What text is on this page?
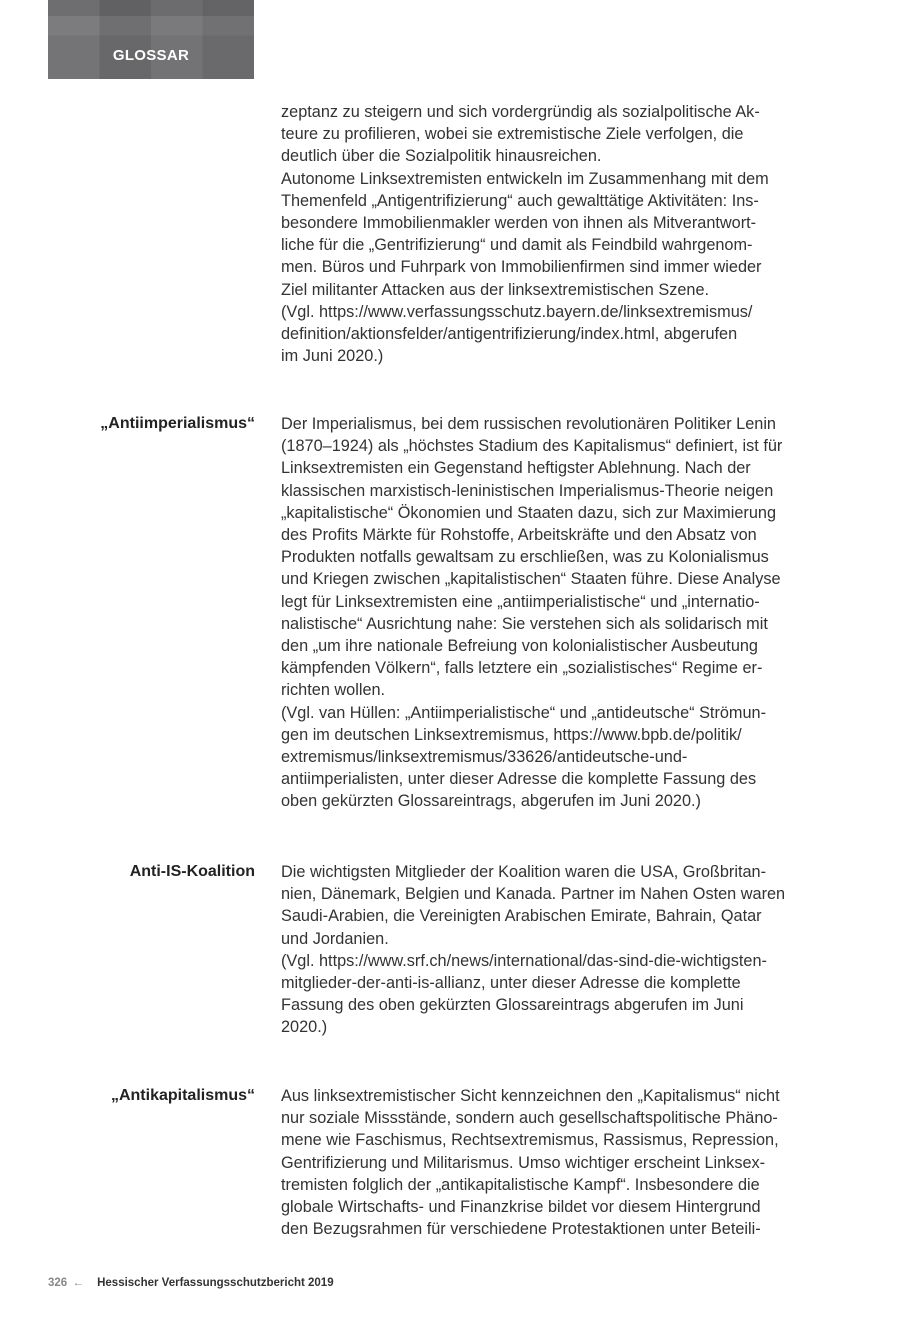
GLOSSAR

zeptanz zu steigern und sich vordergründig als sozialpolitische Ak-
teure zu profilieren, wobei sie extremistische Ziele verfolgen, die
deutlich über die Sozialpolitik hinausreichen.
Autonome Linksextremisten entwickeln im Zusammenhang mit dem
Themenfeld „Antigentrifizierung“ auch gewalttätige Aktivitäten: Ins-
besondere Immobilienmakler werden von ihnen als Mitverantwort-
liche für die „Gentrifizierung“ und damit als Feindbild wahrgenom-
men. Büros und Fuhrpark von Immobilienfirmen sind immer wieder
Ziel militanter Attacken aus der linksextremistischen Szene.
(Vgl. https://www.verfassungsschutz.bayern.de/linksextremismus/
definition/aktionsfelder/antigentrifizierung/index.html, abgerufen
im Juni 2020.)

„Antiimperialismus“ Der Imperialismus, bei dem russischen revolutionären Politiker Lenin
(1870–1924) als „höchstes Stadium des Kapitalismus“ definiert, ist für
Linksextremisten ein Gegenstand heftigster Ablehnung. Nach der
klassischen marxistisch-leninistischen Imperialismus-Theorie neigen
„kapitalistische“ Ökonomien und Staaten dazu, sich zur Maximierung
des Profits Märkte für Rohstoffe, Arbeitskräfte und den Absatz von
Produkten notfalls gewaltsam zu erschließen, was zu Kolonialismus
und Kriegen zwischen „kapitalistischen“ Staaten führe. Diese Analyse
legt für Linksextremisten eine „antiimperialistische“ und „internatio-
nalistische“ Ausrichtung nahe: Sie verstehen sich als solidarisch mit
den „um ihre nationale Befreiung von kolonialistischer Ausbeutung
kämpfenden Völkern“, falls letztere ein „sozialistisches“ Regime er-
richten wollen.
(Vgl. van Hüllen: „Antiimperialistische“ und „antideutsche“ Strömun-
gen im deutschen Linksextremismus, https://www.bpb.de/politik/
extremismus/linksextremismus/33626/antideutsche-und-
antiimperialisten, unter dieser Adresse die komplette Fassung des
oben gekürzten Glossareintrags, abgerufen im Juni 2020.)

Anti-IS-Koalition Die wichtigsten Mitglieder der Koalition waren die USA, Großbritan-
nien, Dänemark, Belgien und Kanada. Partner im Nahen Osten waren
Saudi-Arabien, die Vereinigten Arabischen Emirate, Bahrain, Qatar
und Jordanien.
(Vgl. https://www.srf.ch/news/international/das-sind-die-wichtigsten-
mitglieder-der-anti-is-allianz, unter dieser Adresse die komplette
Fassung des oben gekürzten Glossareintrags abgerufen im Juni
2020.)

„Antikapitalismus“ Aus linksextremistischer Sicht kennzeichnen den „Kapitalismus“ nicht
nur soziale Missstände, sondern auch gesellschaftspolitische Phäno-
mene wie Faschismus, Rechtsextremismus, Rassismus, Repression,
Gentrifizierung und Militarismus. Umso wichtiger erscheint Linksex-
tremisten folglich der „antikapitalistische Kampf“. Insbesondere die
globale Wirtschafts- und Finanzkrise bildet vor diesem Hintergrund
den Bezugsrahmen für verschiedene Protestaktionen unter Beteili-

326 ← Hessischer Verfassungsschutzbericht 2019
